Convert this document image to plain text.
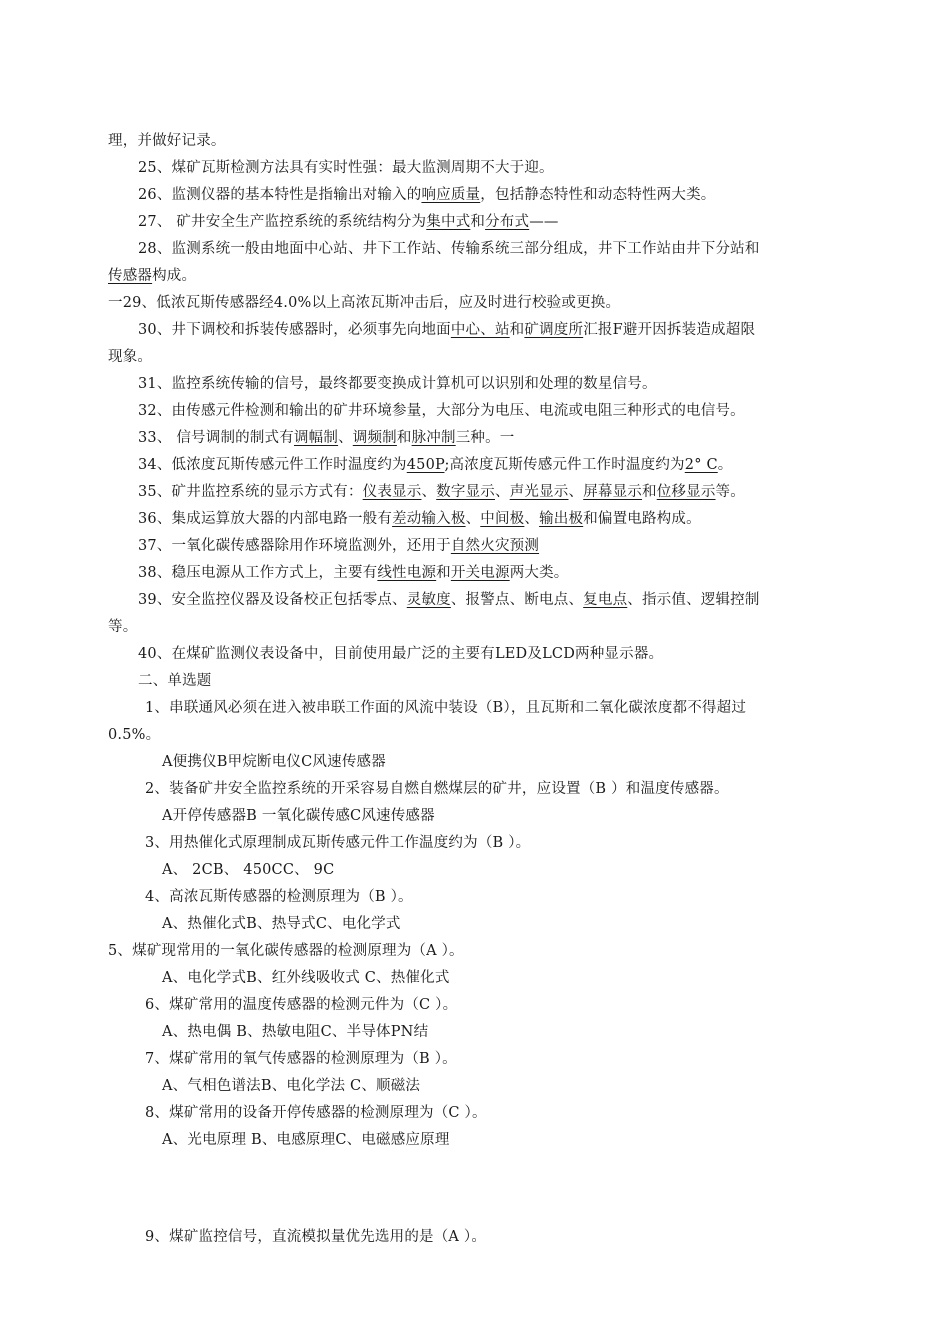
理，并做好记录。
25、煤矿瓦斯检测方法具有实时性强：最大监测周期不大于迎。
26、监测仪器的基本特性是指输出对输入的响应质量，包括静态特性和动态特性两大类。
27、 矿井安全生产监控系统的系统结构分为集中式和分布式——
28、监测系统一般由地面中心站、井下工作站、传输系统三部分组成，井下工作站由井下分站和
传感器构成。
一29、低浓瓦斯传感器经4.0%以上高浓瓦斯冲击后，应及时进行校验或更换。
30、井下调校和拆装传感器时，必须事先向地面中心、站和矿调度所汇报F避开因拆装造成超限
现象。
31、监控系统传输的信号，最终都要变换成计算机可以识别和处理的数星信号。
32、由传感元件检测和输出的矿井环境参量，大部分为电压、电流或电阻三种形式的电信号。
33、 信号调制的制式有调幅制、调频制和脉冲制三种。一
34、低浓度瓦斯传感元件工作时温度约为450P;高浓度瓦斯传感元件工作时温度约为2° C。
35、矿井监控系统的显示方式有：仪表显示、数字显示、声光显示、屏幕显示和位移显示等。
36、集成运算放大器的内部电路一般有差动输入极、中间极、输出极和偏置电路构成。
37、一氧化碳传感器除用作环境监测外，还用于自然火灾预测
38、稳压电源从工作方式上，主要有线性电源和开关电源两大类。
39、安全监控仪器及设备校正包括零点、灵敏度、报警点、断电点、复电点、指示值、逻辑控制
等。
40、在煤矿监测仪表设备中，目前使用最广泛的主要有LED及LCD两种显示器。
二、单选题
1、串联通风必须在进入被串联工作面的风流中装设（B），且瓦斯和二氧化碳浓度都不得超过
0.5%。
A便携仪B甲烷断电仪C风速传感器
2、装备矿井安全监控系统的开采容易自燃自燃煤层的矿井，应设置（B ）和温度传感器。
A开停传感器B 一氧化碳传感C风速传感器
3、用热催化式原理制成瓦斯传感元件工作温度约为（B ）。
A、 2CB、 450CC、 9C
4、高浓瓦斯传感器的检测原理为（B ）。
A、热催化式B、热导式C、电化学式
5、煤矿现常用的一氧化碳传感器的检测原理为（A ）。
A、电化学式B、红外线吸收式 C、热催化式
6、煤矿常用的温度传感器的检测元件为（C ）。
A、热电偶 B、热敏电阻C、半导体PN结
7、煤矿常用的氧气传感器的检测原理为（B ）。
A、气相色谱法B、电化学法 C、顺磁法
8、煤矿常用的设备开停传感器的检测原理为（C ）。
A、光电原理 B、电感原理C、电磁感应原理
9、煤矿监控信号，直流模拟量优先选用的是（A ）。
